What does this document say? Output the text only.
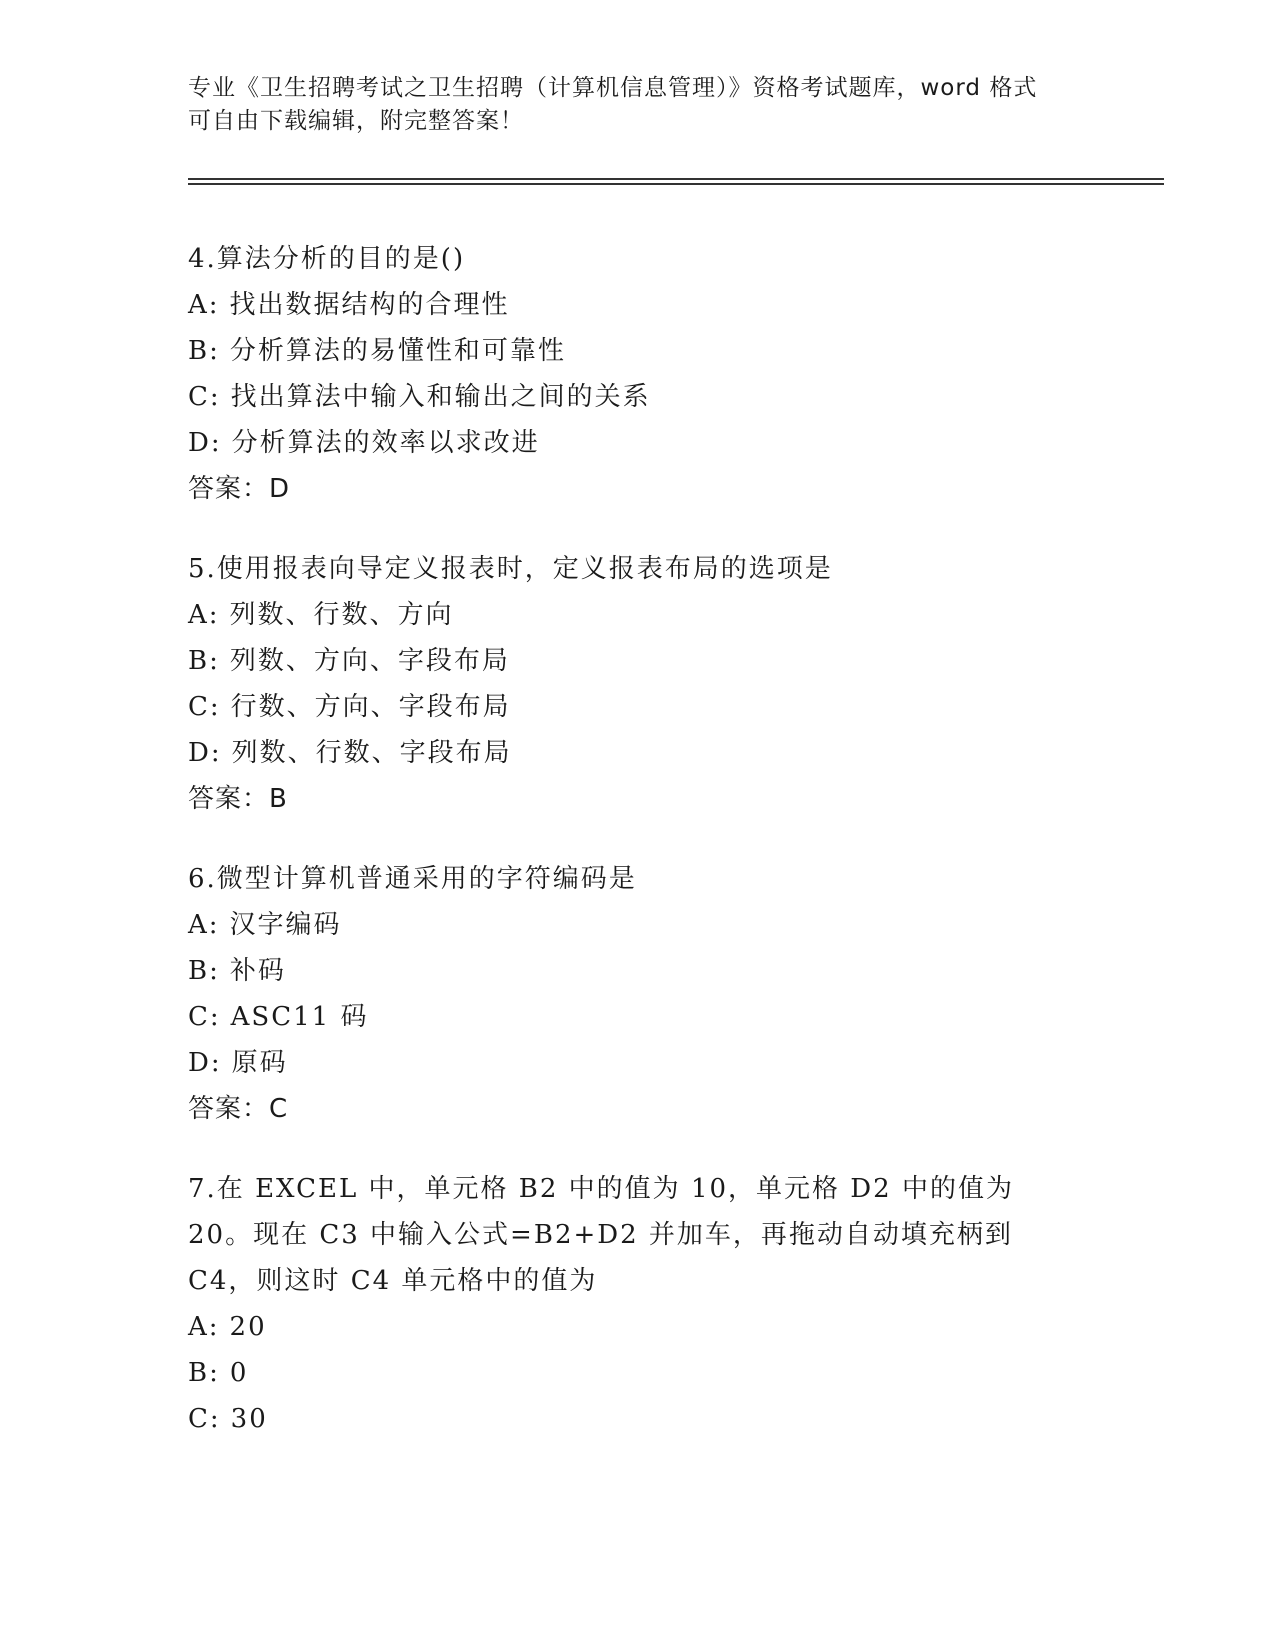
专业《卫生招聘考试之卫生招聘（计算机信息管理）》资格考试题库，word 格式
可自由下载编辑，附完整答案！
4.算法分析的目的是()
A: 找出数据结构的合理性
B: 分析算法的易懂性和可靠性
C: 找出算法中输入和输出之间的关系
D: 分析算法的效率以求改进
答案：D
5.使用报表向导定义报表时，定义报表布局的选项是
A: 列数、行数、方向
B: 列数、方向、字段布局
C: 行数、方向、字段布局
D: 列数、行数、字段布局
答案：B
6.微型计算机普通采用的字符编码是
A: 汉字编码
B: 补码
C: ASC11 码
D: 原码
答案：C
7.在 EXCEL 中，单元格 B2 中的值为 10，单元格 D2 中的值为 20。现在 C3 中输入公式=B2+D2 并加车，再拖动自动填充柄到 C4，则这时 C4 单元格中的值为
A: 20
B: 0
C: 30
